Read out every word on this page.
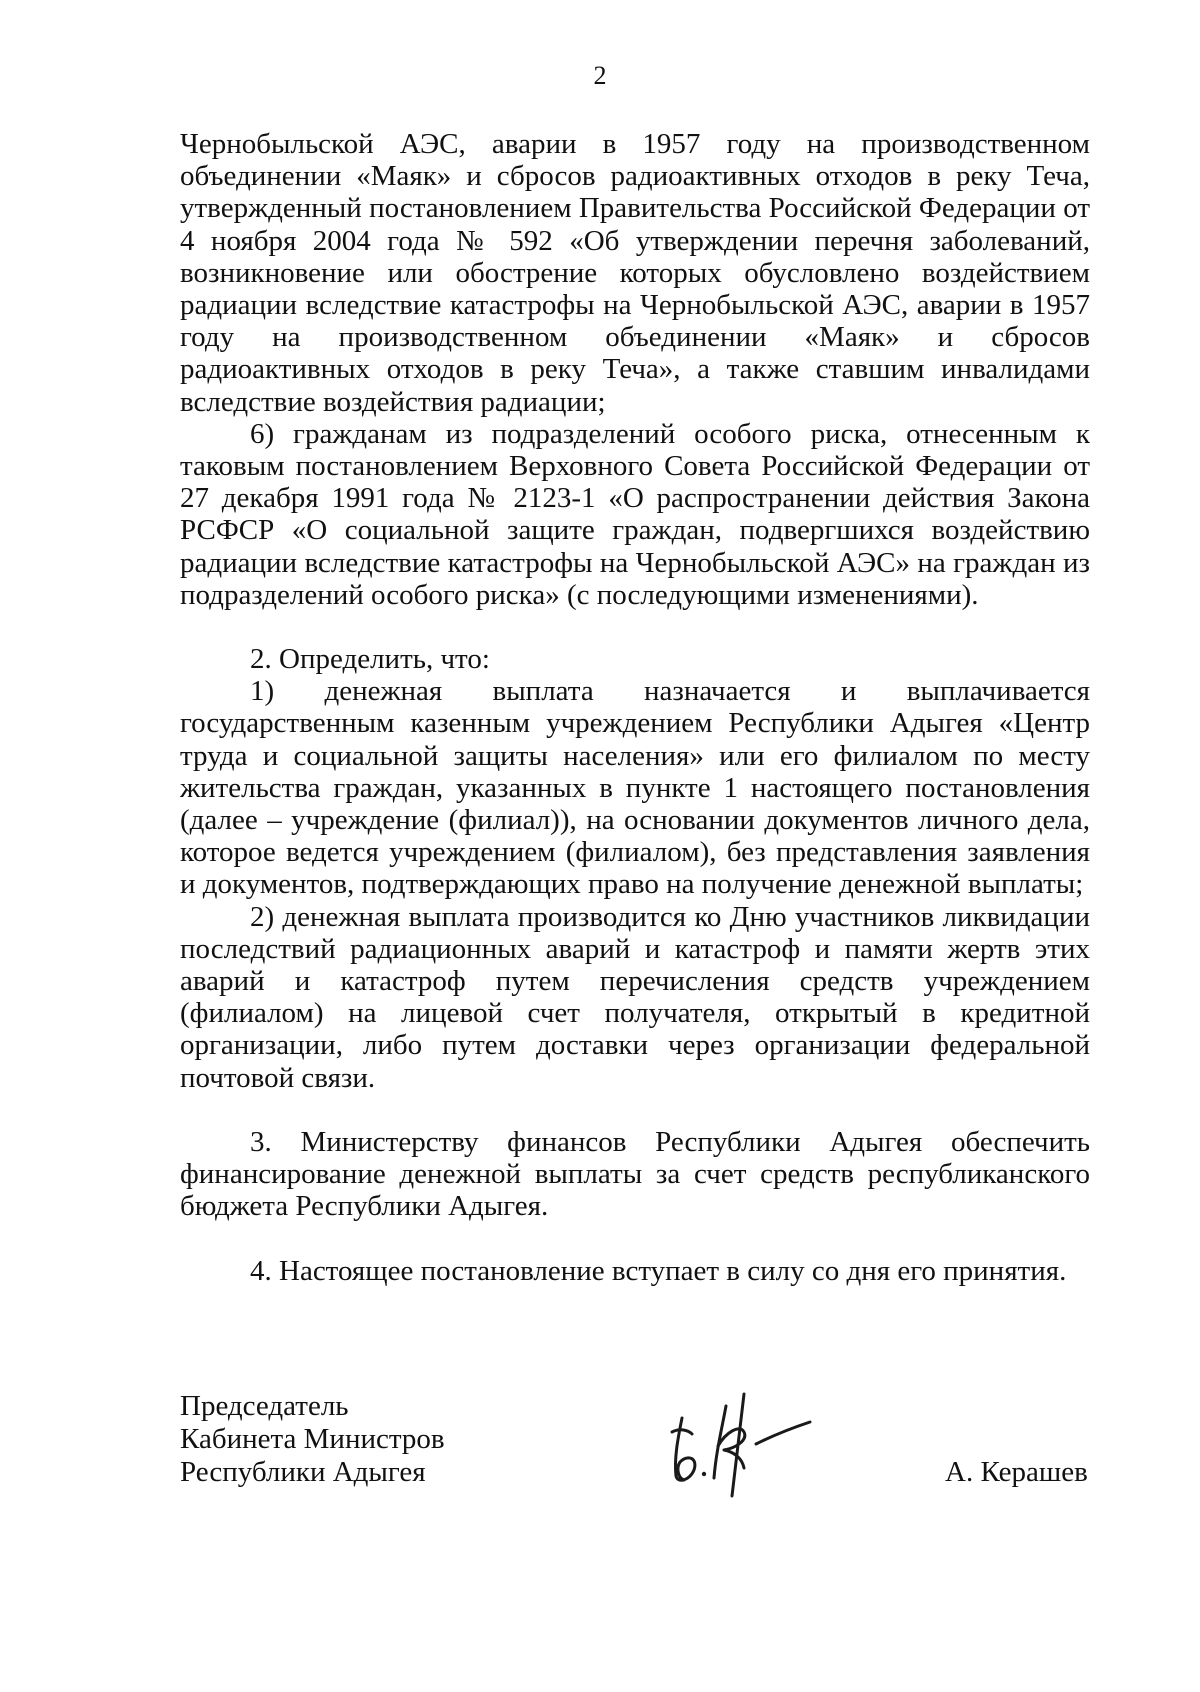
2

Чернобыльской АЭС, аварии в 1957 году на производственном объединении «Маяк» и сбросов радиоактивных отходов в реку Теча, утвержденный постановлением Правительства Российской Федерации от 4 ноября 2004 года № 592 «Об утверждении перечня заболеваний, возникновение или обострение которых обусловлено воздействием радиации вследствие катастрофы на Чернобыльской АЭС, аварии в 1957 году на производственном объединении «Маяк» и сбросов радиоактивных отходов в реку Теча», а также ставшим инвалидами вследствие воздействия радиации;

6) гражданам из подразделений особого риска, отнесенным к таковым постановлением Верховного Совета Российской Федерации от 27 декабря 1991 года № 2123-1 «О распространении действия Закона РСФСР «О социальной защите граждан, подвергшихся воздействию радиации вследствие катастрофы на Чернобыльской АЭС» на граждан из подразделений особого риска» (с последующими изменениями).

2. Определить, что:

1) денежная выплата назначается и выплачивается государственным казенным учреждением Республики Адыгея «Центр труда и социальной защиты населения» или его филиалом по месту жительства граждан, указанных в пункте 1 настоящего постановления (далее – учреждение (филиал)), на основании документов личного дела, которое ведется учреждением (филиалом), без представления заявления и документов, подтверждающих право на получение денежной выплаты;

2) денежная выплата производится ко Дню участников ликвидации последствий радиационных аварий и катастроф и памяти жертв этих аварий и катастроф путем перечисления средств учреждением (филиалом) на лицевой счет получателя, открытый в кредитной организации, либо путем доставки через организации федеральной почтовой связи.

3. Министерству финансов Республики Адыгея обеспечить финансирование денежной выплаты за счет средств республиканского бюджета Республики Адыгея.

4. Настоящее постановление вступает в силу со дня его принятия.

Председатель
Кабинета Министров
Республики Адыгея	А. Керашев
